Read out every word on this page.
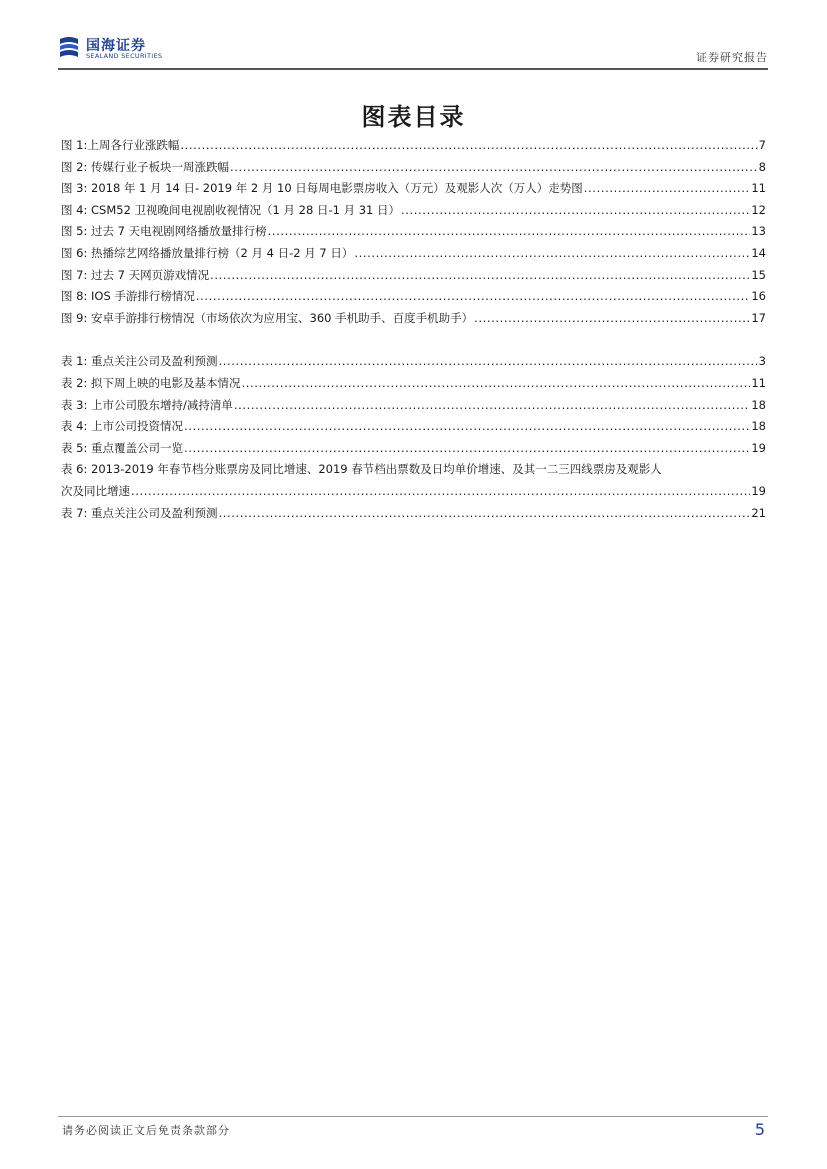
国海证券
SEALAND SECURITIES	证券研究报告
图表目录
图 1:上周各行业涨跌幅 .....	7
图 2: 传媒行业子板块一周涨跌幅 .....	8
图 3: 2018 年 1 月 14 日- 2019 年 2 月 10 日每周电影票房收入（万元）及观影人次（万人）走势图 .....	11
图 4: CSM52 卫视晚间电视剧收视情况（1 月 28 日-1 月 31 日） .....	12
图 5: 过去 7 天电视剧网络播放量排行榜 .....	13
图 6: 热播综艺网络播放量排行榜（2 月 4 日-2 月 7 日） .....	14
图 7: 过去 7 天网页游戏情况 .....	15
图 8: IOS 手游排行榜情况 .....	16
图 9: 安卓手游排行榜情况（市场依次为应用宝、360 手机助手、百度手机助手） .....	17
表 1: 重点关注公司及盈利预测 .....	3
表 2: 拟下周上映的电影及基本情况 .....	11
表 3: 上市公司股东增持/减持清单 .....	18
表 4: 上市公司投资情况 .....	18
表 5: 重点覆盖公司一览 .....	19
表 6: 2013-2019 年春节档分账票房及同比增速、2019 春节档出票数及日均单价增速、及其一二三四线票房及观影人
次及同比增速 .....	19
表 7: 重点关注公司及盈利预测 .....	21
请务必阅读正文后免责条款部分	5
